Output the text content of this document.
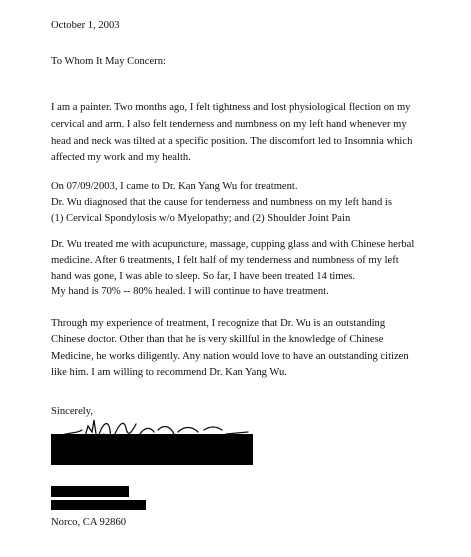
October 1, 2003
To Whom It May Concern:
I am a painter. Two months ago, I felt tightness and lost physiological flection on my
cervical and arm. I also felt tenderness and numbness on my left hand whenever my
head and neck was tilted at a specific position. The discomfort led to Insomnia which
affected my work and my health.
On 07/09/2003, I came to Dr. Kan Yang Wu for treatment.
Dr. Wu diagnosed that the cause for tenderness and numbness on my left hand is
(1) Cervical Spondylosis w/o Myelopathy; and (2) Shoulder Joint Pain
Dr. Wu treated me with acupuncture, massage, cupping glass and with Chinese herbal
medicine. After 6 treatments, I felt half of my tenderness and numbness of my left
hand was gone, I was able to sleep. So far, I have been treated 14 times.
My hand is 70% -- 80% healed. I will continue to have treatment.
Through my experience of treatment, I recognize that Dr. Wu is an outstanding
Chinese doctor. Other than that he is very skillful in the knowledge of Chinese
Medicine, he works diligently. Any nation would love to have an outstanding citizen
like him. I am willing to recommend Dr. Kan Yang Wu.
Sincerely,
Norco, CA 92860
